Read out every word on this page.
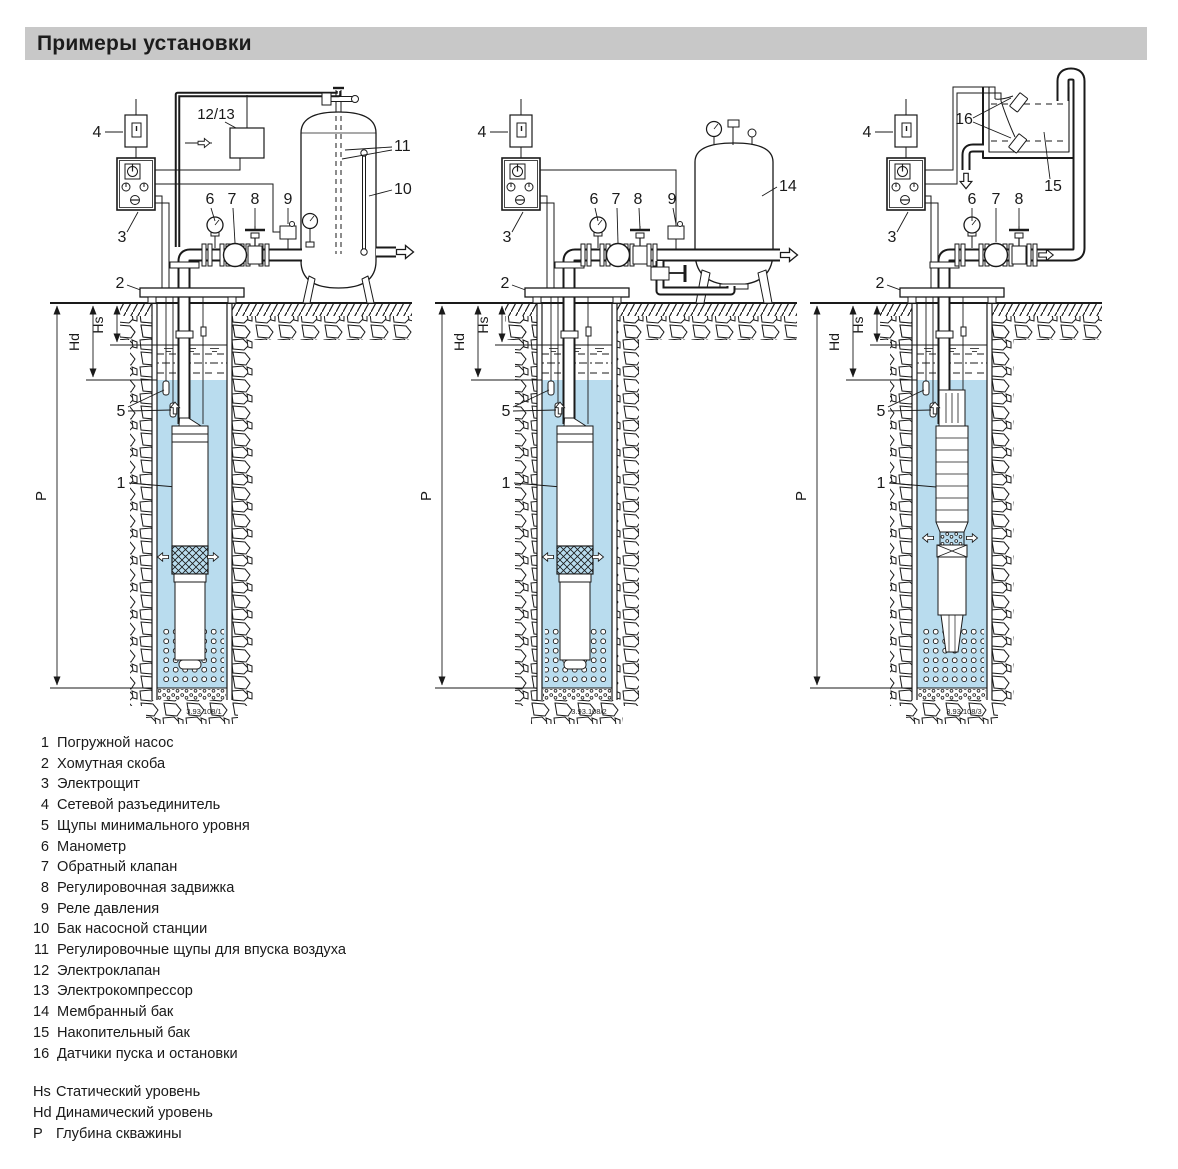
Примеры установки
P
Hd
Hs
5
1
2
3.93.108/1
4
12/13
3
6 7 8 9
11
10
P
Hd
Hs
5
1
2
3.93.108/2
4
3
6 7 8 9
14
P
Hd
Hs
5
1
2
3.93.108/3
4
3
16
15
6 7 8
1 Погружной насос
2 Хомутная скоба
3 Электрощит
4 Сетевой разъединитель
5 Щупы минимального уровня
6 Манометр
7 Обратный клапан
8 Регулировочная задвижка
9 Реле давления
10 Бак насосной станции
11 Регулировочные щупы для впуска воздуха
12 Электроклапан
13 Электрокомпрессор
14 Мембранный бак
15 Накопительный бак
16 Датчики пуска и остановки
Hs Статический уровень
Hd Динамический уровень
P Глубина скважины
